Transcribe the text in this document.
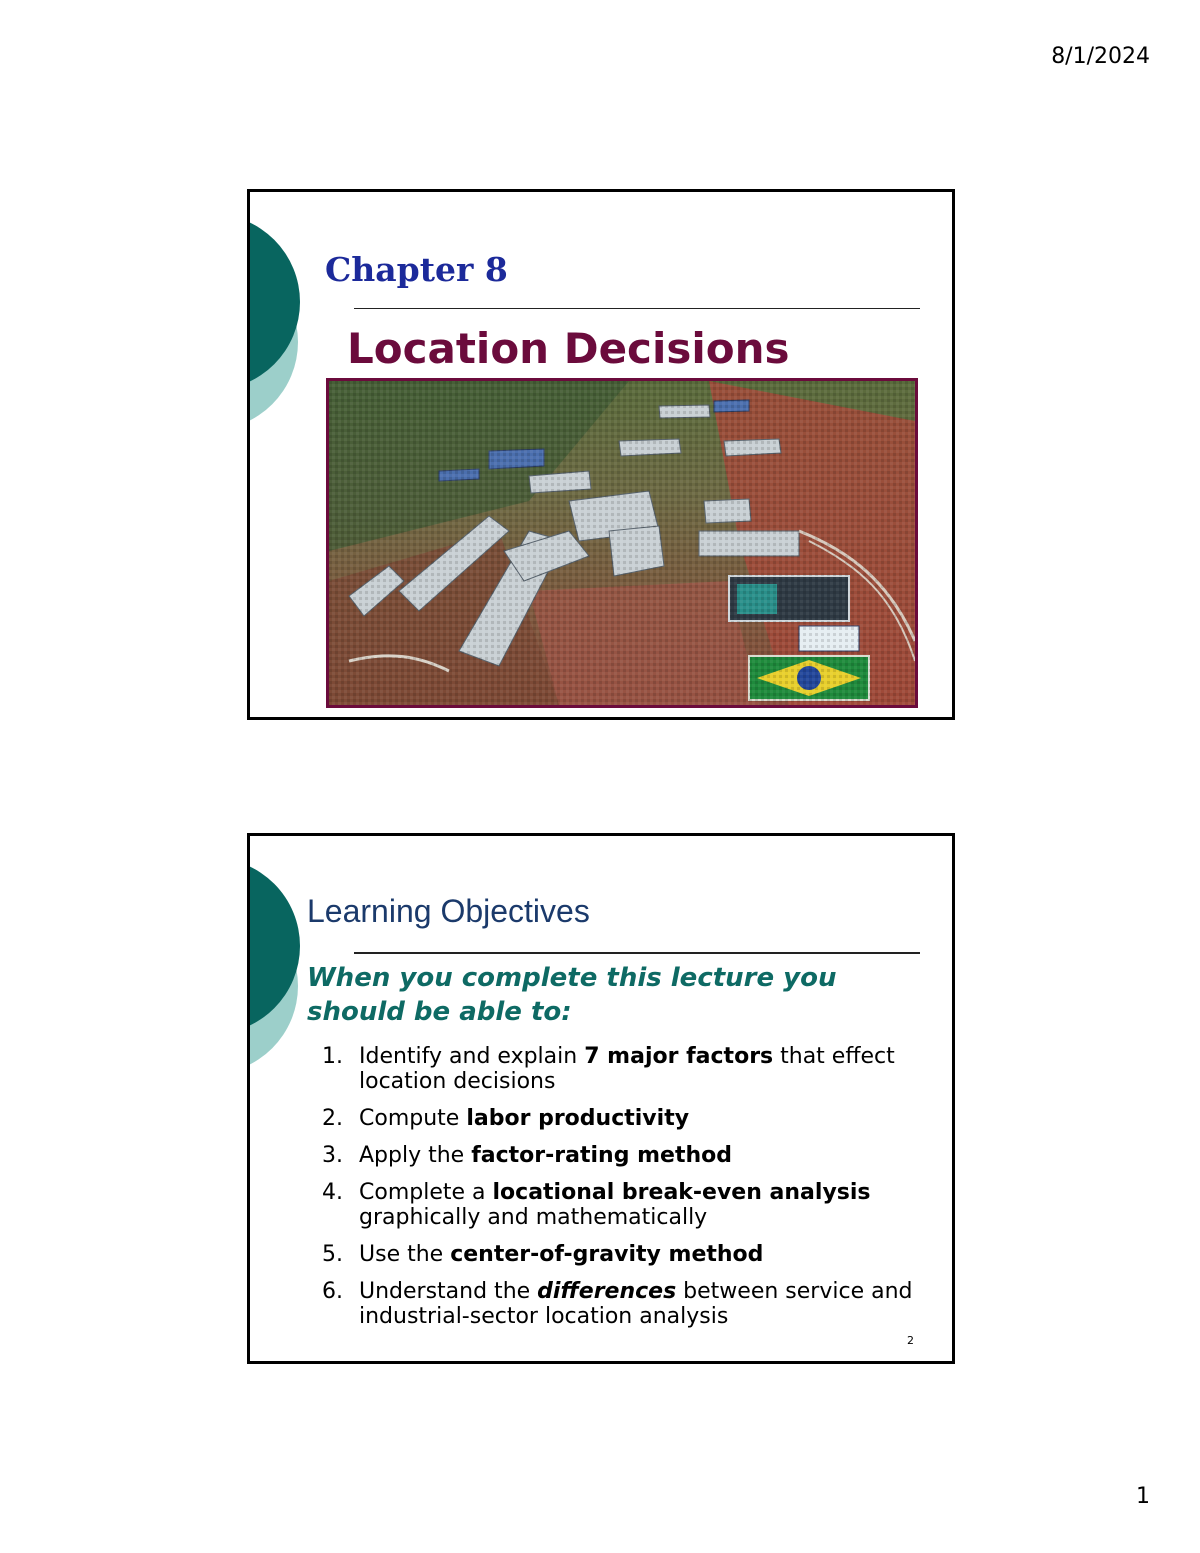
8/1/2024
Chapter 8
Location Decisions
Learning Objectives

When you complete this lecture you should be able to:

1. Identify and explain 7 major factors that effect location decisions
2. Compute labor productivity
3. Apply the factor-rating method
4. Complete a locational break-even analysis graphically and mathematically
5. Use the center-of-gravity method
6. Understand the differences between service and industrial-sector location analysis
2
1
